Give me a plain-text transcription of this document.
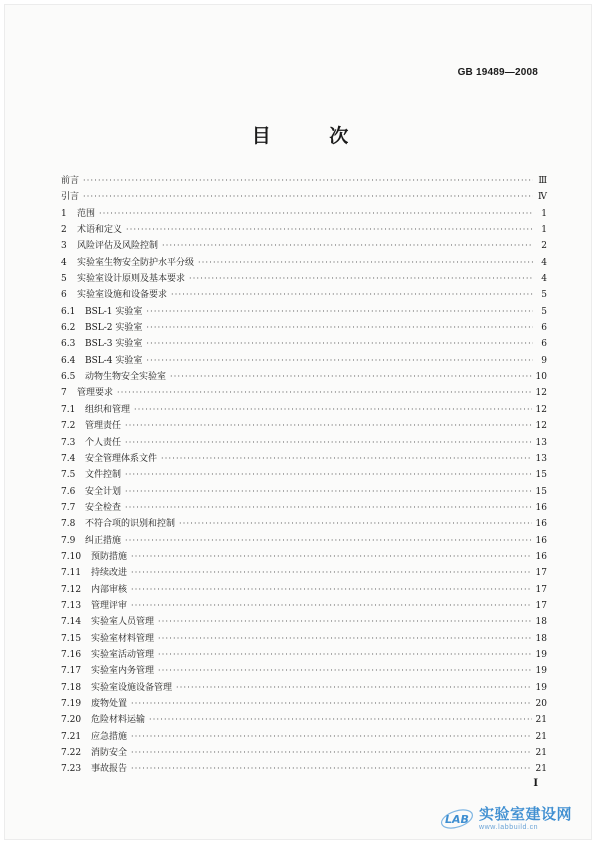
GB 19489—2008
目 次
前言 ·····	Ⅲ
引言 ·····	Ⅳ
1	范围 ·····	1
2	术语和定义 ·····	1
3	风险评估及风险控制 ·····	2
4	实验室生物安全防护水平分级 ·····	4
5	实验室设计原则及基本要求 ·····	4
6	实验室设施和设备要求 ·····	5
6.1	BSL-1 实验室 ·····	5
6.2	BSL-2 实验室 ·····	6
6.3	BSL-3 实验室 ·····	6
6.4	BSL-4 实验室 ·····	9
6.5	动物生物安全实验室 ·····	10
7	管理要求 ·····	12
7.1	组织和管理 ·····	12
7.2	管理责任 ·····	12
7.3	个人责任 ·····	13
7.4	安全管理体系文件 ·····	13
7.5	文件控制 ·····	15
7.6	安全计划 ·····	15
7.7	安全检查 ·····	16
7.8	不符合项的识别和控制 ·····	16
7.9	纠正措施 ·····	16
7.10	预防措施 ·····	16
7.11	持续改进 ·····	17
7.12	内部审核 ·····	17
7.13	管理评审 ·····	17
7.14	实验室人员管理 ·····	18
7.15	实验室材料管理 ·····	18
7.16	实验室活动管理 ·····	19
7.17	实验室内务管理 ·····	19
7.18	实验室设施设备管理 ·····	19
7.19	废物处置 ·····	20
7.20	危险材料运输 ·····	21
7.21	应急措施 ·····	21
7.22	消防安全 ·····	21
7.23	事故报告 ·····	21
Ⅰ
LAB 实验室建设网
www.labbuild.cn
